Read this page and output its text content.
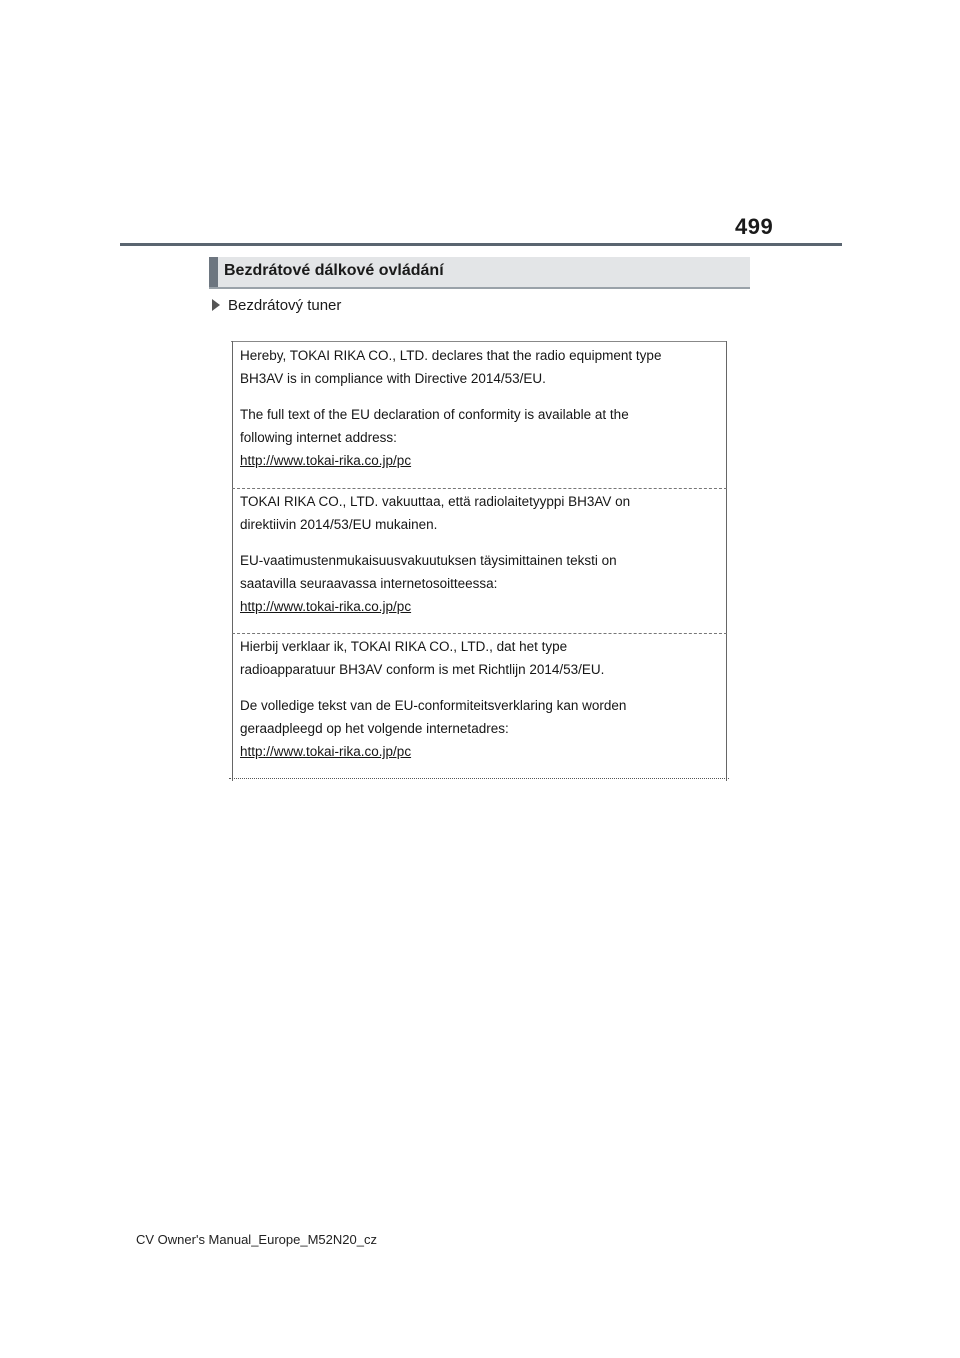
499
Bezdrátové dálkové ovládání
Bezdrátový tuner

Hereby, TOKAI RIKA CO., LTD. declares that the radio equipment type

BH3AV is in compliance with Directive 2014/53/EU.

The full text of the EU declaration of conformity is available at the

following internet address:

http://www.tokai-rika.co.jp/pc

TOKAI RIKA CO., LTD. vakuuttaa, että radiolaitetyyppi BH3AV on

direktiivin 2014/53/EU mukainen.

EU-vaatimustenmukaisuusvakuutuksen täysimittainen teksti on

saatavilla seuraavassa internetosoitteessa:

http://www.tokai-rika.co.jp/pc

Hierbij verklaar ik, TOKAI RIKA CO., LTD., dat het type

radioapparatuur BH3AV conform is met Richtlijn 2014/53/EU.

De volledige tekst van de EU-conformiteitsverklaring kan worden

geraadpleegd op het volgende internetadres:

http://www.tokai-rika.co.jp/pc

CV Owner's Manual_Europe_M52N20_cz
